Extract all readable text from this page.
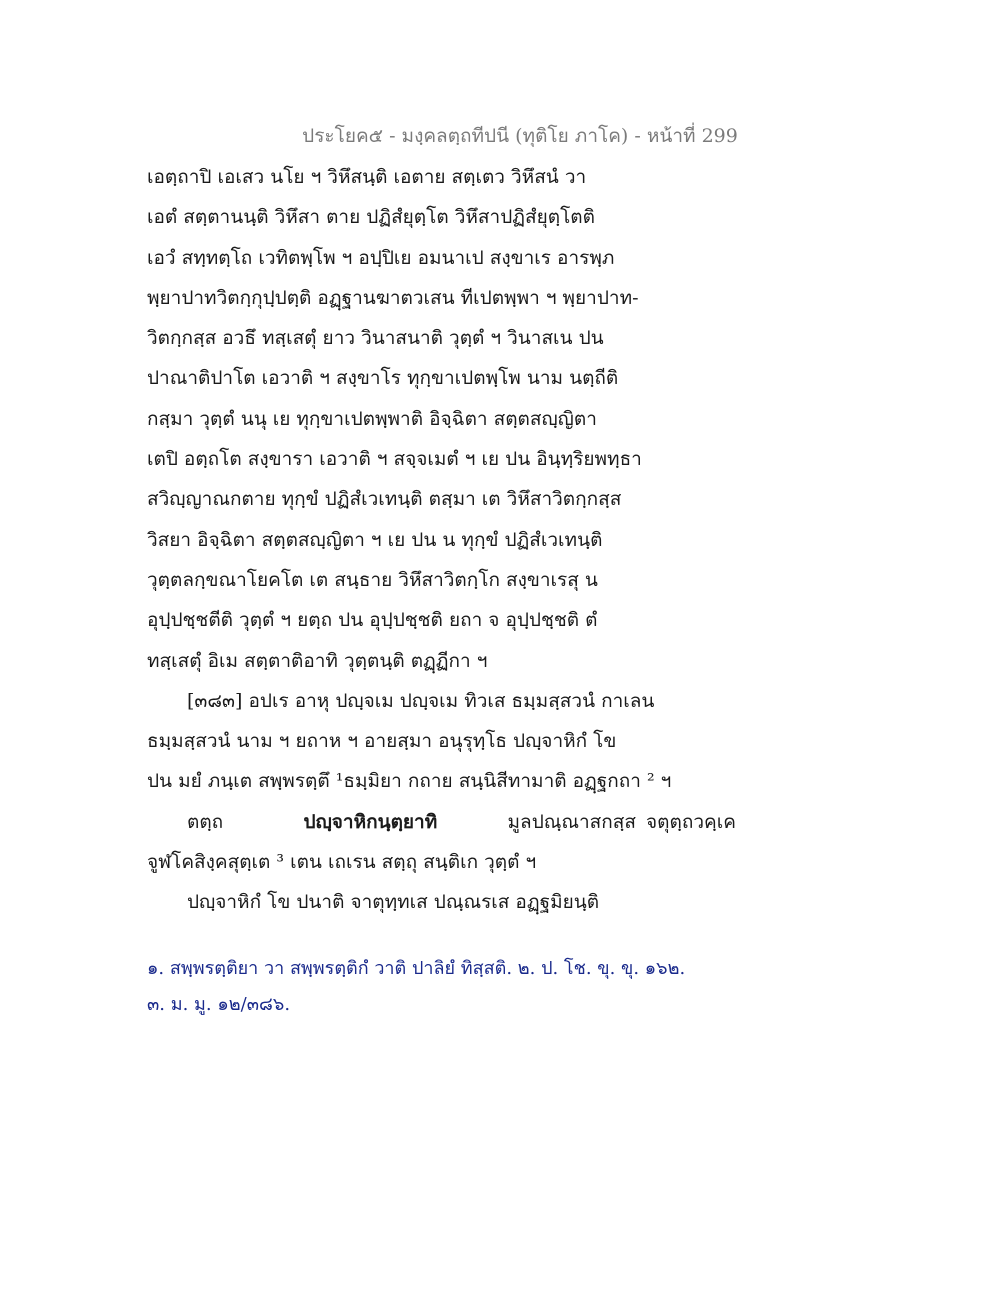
ประโยค๕ - มงฺคลตฺถทีปนี (ทุติโย ภาโค) - หน้าที่ 299
เอตฺถาปิ เอเสว นโย ฯ วิหึสนฺติ เอตาย สตฺเตว วิหึสนํ วา
เอตํ สตฺตานนฺติ วิหึสา ตาย ปฏิสํยุตฺโต วิหึสาปฏิสํยุตฺโตติ
เอวํ สทฺทตฺโถ เวทิตพฺโพ ฯ อปฺปิเย อมนาเป สงฺขาเร อารพฺภ
พฺยาปาทวิตกฺกุปฺปตฺติ อฏฺฐานฆาตวเสน ทีเปตพฺพา ฯ พฺยาปาท-
วิตกฺกสฺส อวธึ ทสฺเสตุํ ยาว วินาสนาติ วุตฺตํ ฯ วินาสเน ปน
ปาณาติปาโต เอวาติ ฯ สงฺขาโร ทุกฺขาเปตพฺโพ นาม นตฺถีติ
กสฺมา วุตฺตํ นนุ เย ทุกฺขาเปตพฺพาติ อิจฺฉิตา สตฺตสญฺญิตา
เตปิ อตฺถโต สงฺขารา เอวาติ ฯ สจฺจเมตํ ฯ เย ปน อินฺทฺริยพทฺธา
สวิญฺญาณกตาย ทุกฺขํ ปฏิสํเวเทนฺติ ตสฺมา เต วิหึสาวิตกฺกสฺส
วิสยา อิจฺฉิตา สตฺตสญฺญิตา ฯ เย ปน น ทุกฺขํ ปฏิสํเวเทนฺติ
วุตฺตลกฺขณาโยคโต เต สนฺธาย วิหึสาวิตกฺโก สงฺขาเรสุ น
อุปฺปชฺชตีติ วุตฺตํ ฯ ยตฺถ ปน อุปฺปชฺชติ ยถา จ อุปฺปชฺชติ ตํ
ทสฺเสตุํ อิเม สตฺตาติอาทิ วุตฺตนฺติ ตฏฺฏีกา ฯ
[๓๘๓] อปเร อาหุ ปญฺจเม ปญฺจเม ทิวเส ธมฺมสฺสวนํ กาเลน
ธมฺมสฺสวนํ นาม ฯ ยถาห ฯ อายสฺมา อนุรุทฺโธ ปญฺจาหิกํ โข
ปน มยํ ภนฺเต สพฺพรตฺตึ ¹ธมฺมิยา กถาย สนฺนิสีทามาติ อฏฺฐกถา ² ฯ
ตตฺถ	ปญฺจาหิกนฺตฺยาทิ	มูลปณฺณาสกสฺส จตุตฺถวคฺเค
จูฬโคสิงฺคสุตฺเต ³ เตน เถเรน สตฺถุ สนฺติเก วุตฺตํ ฯ
ปญฺจาหิกํ โข ปนาติ จาตุทฺทเส ปณฺณรเส อฏฺฐมิยนฺติ
๑. สพฺพรตฺติยา วา สพฺพรตฺติกํ วาติ ปาลิยํ ทิสฺสติ. ๒. ป. โช. ขุ. ขุ. ๑๖๒.
๓. ม. มู. ๑๒/๓๘๖.
